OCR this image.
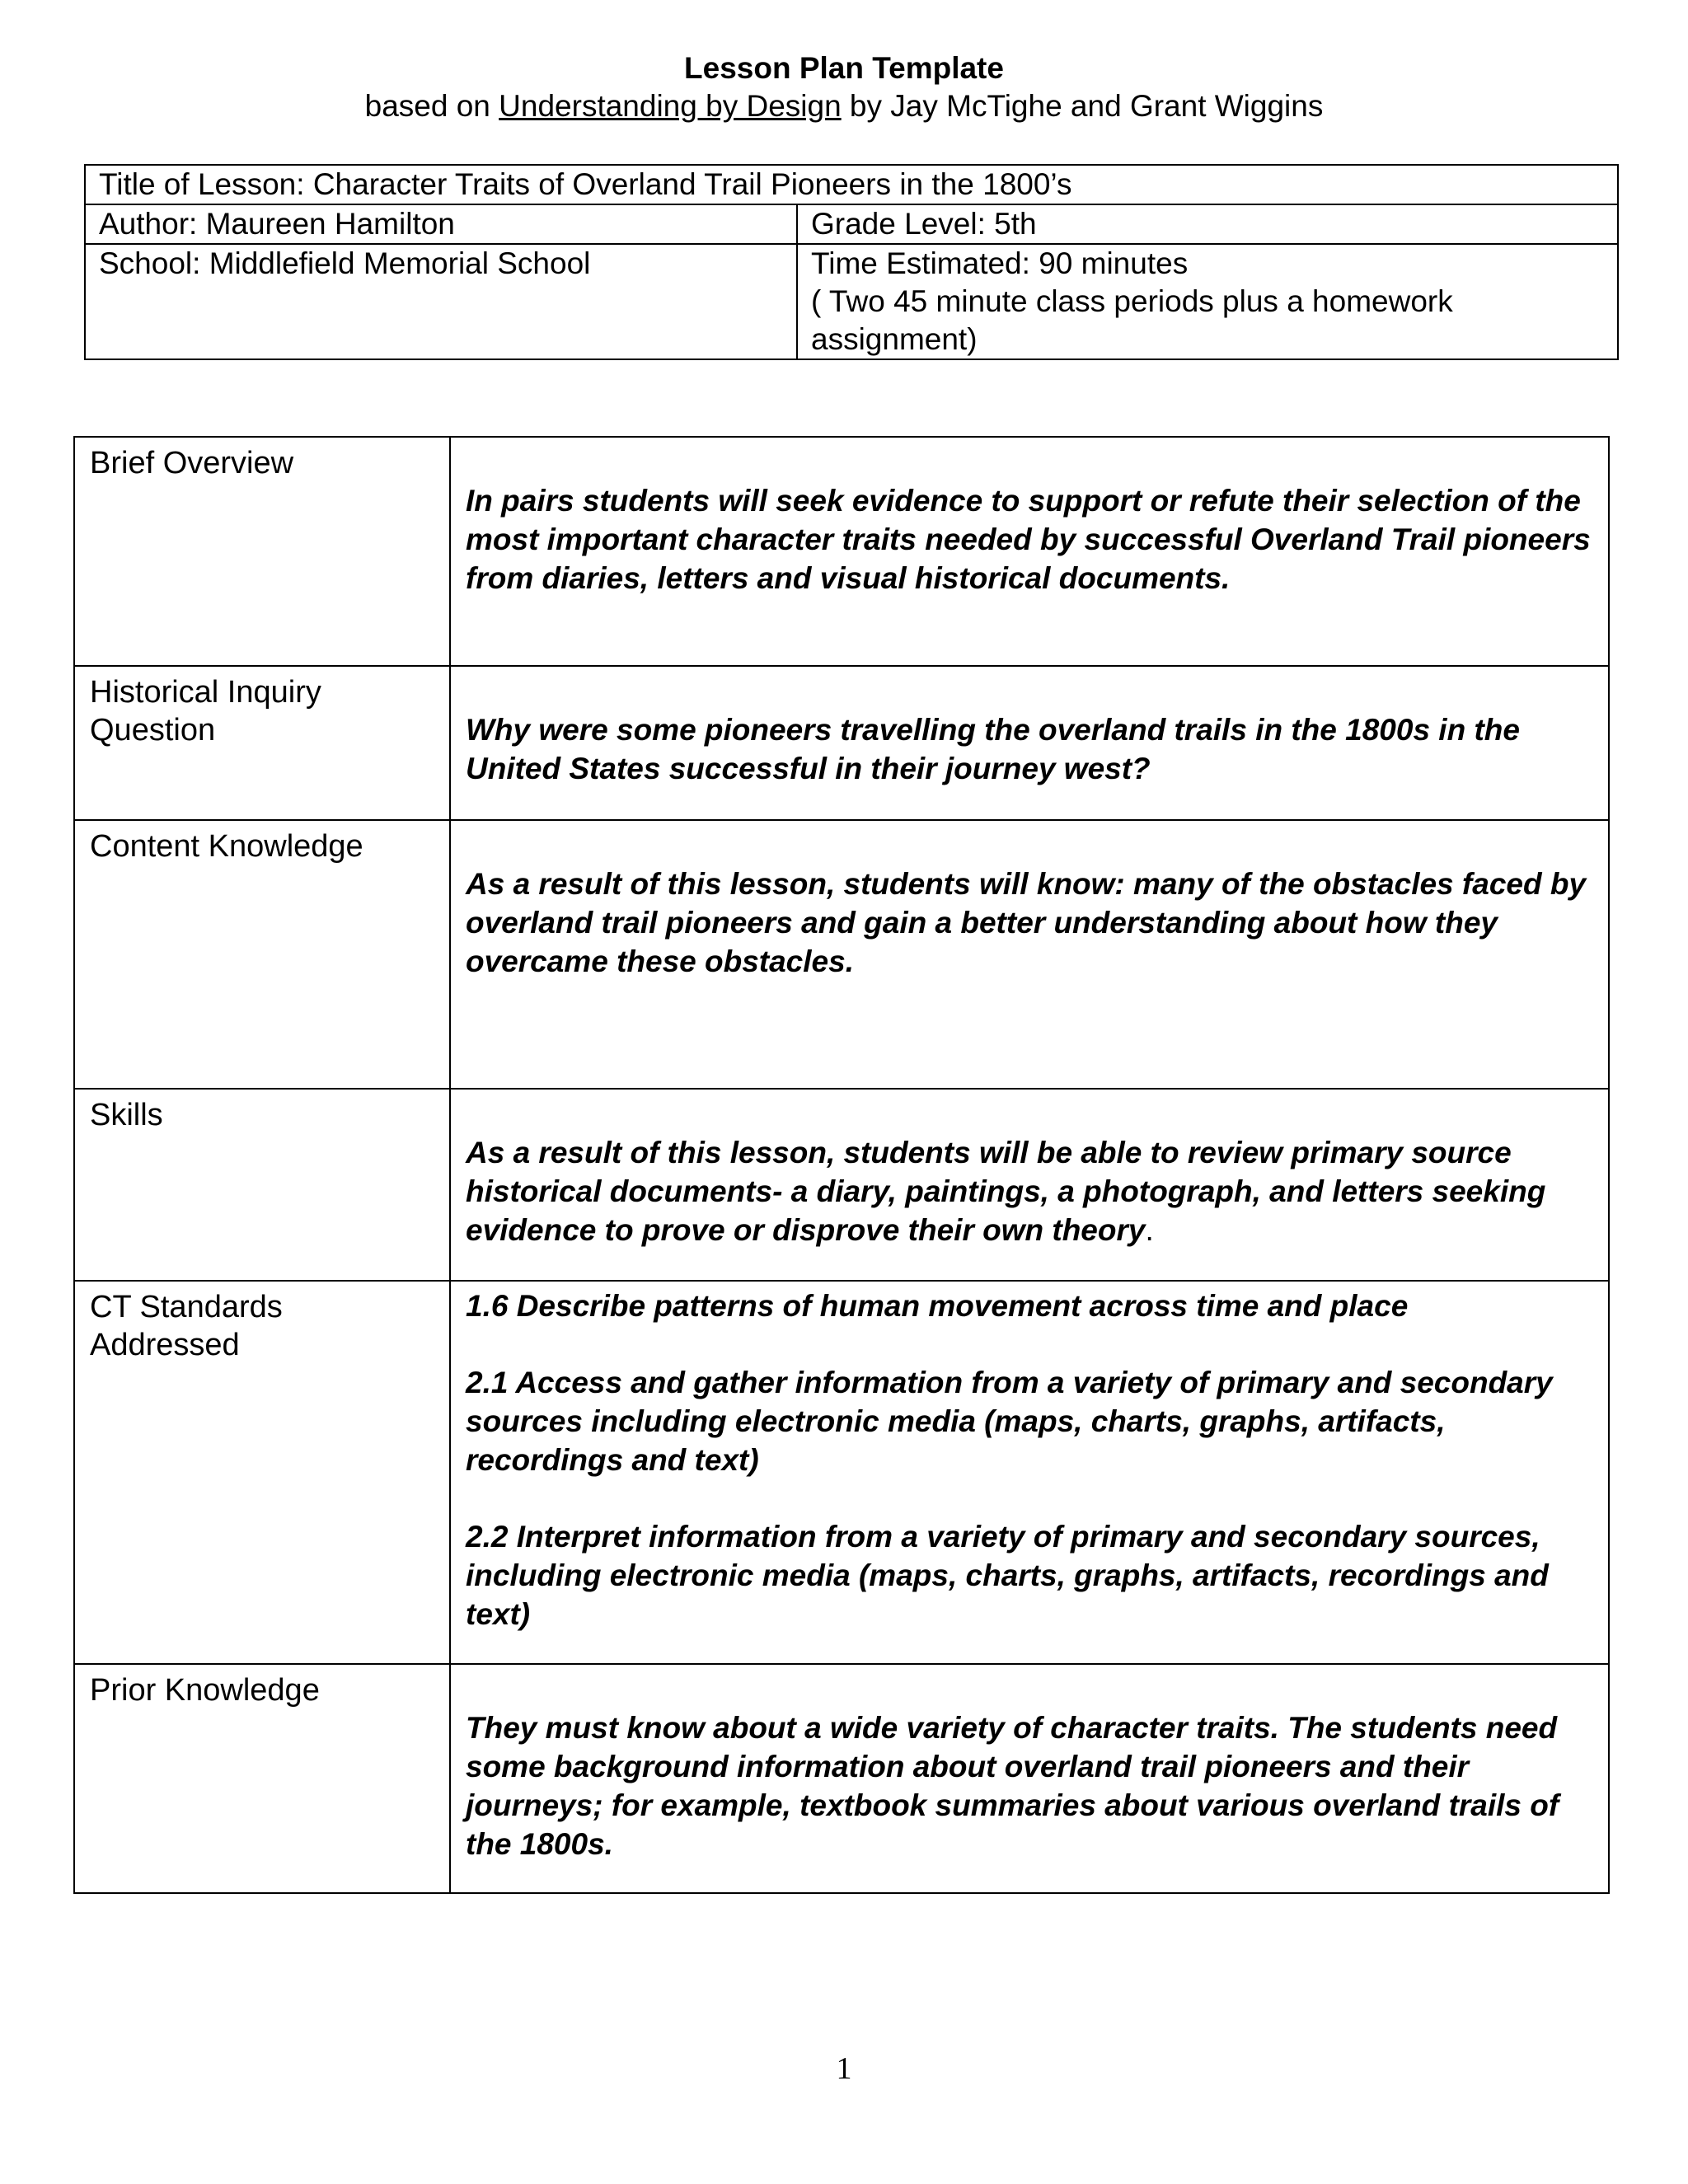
Lesson Plan Template

based on Understanding by Design by Jay McTighe and Grant Wiggins

Title of Lesson: Character Traits of Overland Trail Pioneers in the 1800’s	
Author: Maureen Hamilton	Grade Level: 5th
School: Middlefield Memorial School	Time Estimated: 90 minutes
( Two 45 minute class periods plus a homework assignment)
Brief Overview	In pairs students will seek evidence to support or refute their selection of the most important character traits needed by successful Overland Trail pioneers from diaries, letters and visual historical documents.

Historical Inquiry Question	Why were some pioneers travelling the overland trails in the 1800s in the United States successful in their journey west?

Content Knowledge	As a result of this lesson, students will know: many of the obstacles faced by overland trail pioneers and gain a better understanding about how they overcame these obstacles.

Skills	As a result of this lesson, students will be able to review primary source historical documents- a diary, paintings, a photograph, and letters seeking evidence to prove or disprove their own theory.

CT Standards Addressed	1.6 Describe patterns of human movement across time and place
2.1 Access and gather information from a variety of primary and secondary sources including electronic media (maps, charts, graphs, artifacts, recordings and text)
2.2 Interpret information from a variety of primary and secondary sources, including electronic media (maps, charts, graphs, artifacts, recordings and text)

Prior Knowledge	They must know about a wide variety of character traits. The students need some background information about overland trail pioneers and their journeys; for example, textbook summaries about various overland trails of the 1800s.
1
